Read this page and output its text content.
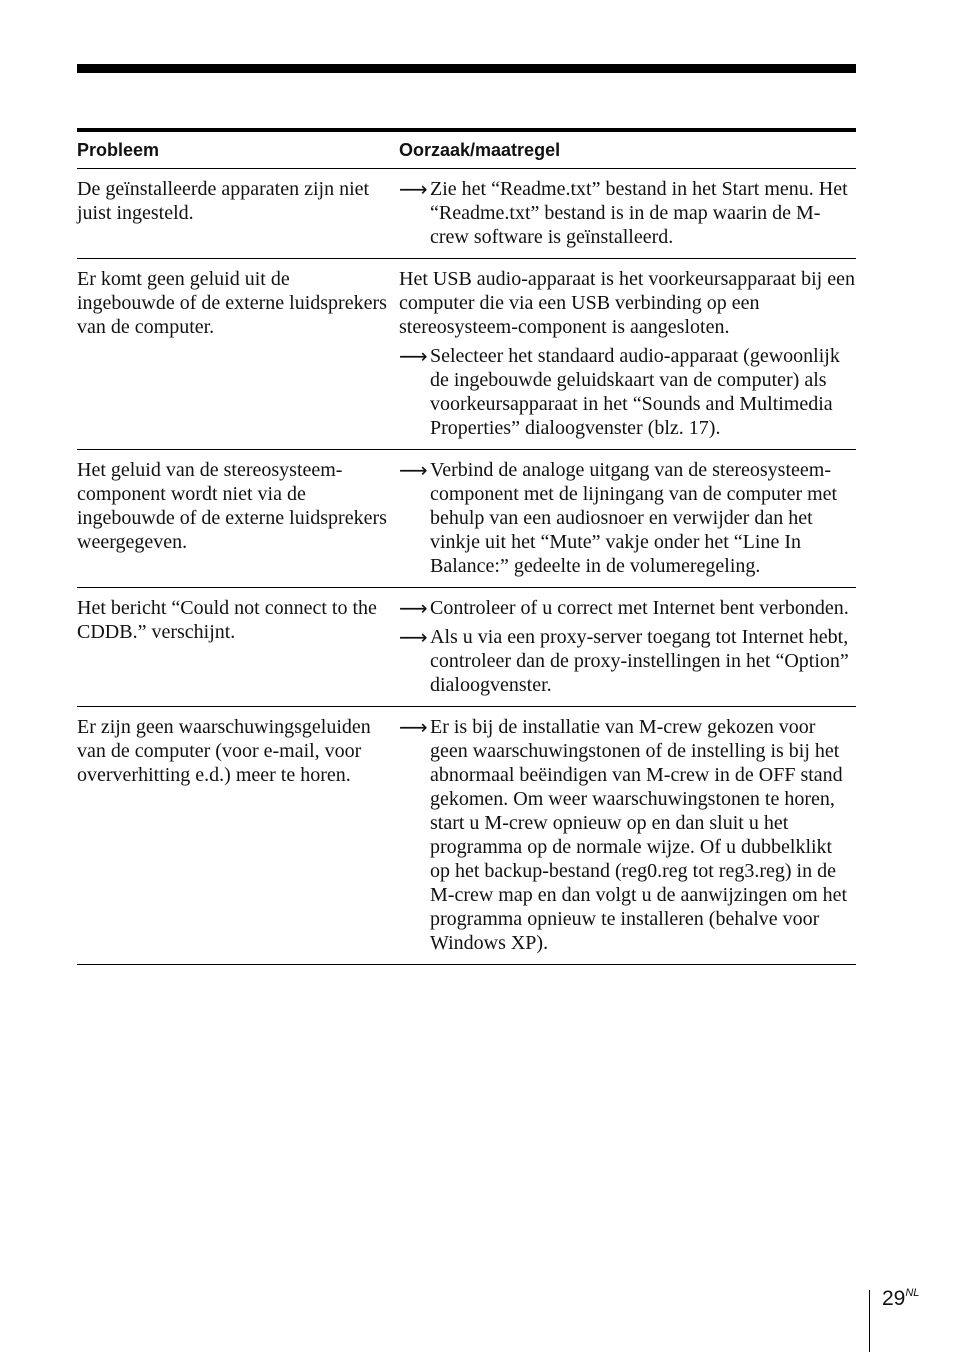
Probleem	Oorzaak/maatregel
De geïnstalleerde apparaten zijn niet juist ingesteld.
⟶ Zie het “Readme.txt” bestand in het Start menu. Het “Readme.txt” bestand is in de map waarin de M-crew software is geïnstalleerd.
Er komt geen geluid uit de ingebouwde of de externe luidsprekers van de computer.
Het USB audio-apparaat is het voorkeursapparaat bij een computer die via een USB verbinding op een stereosysteem-component is aangesloten.
⟶ Selecteer het standaard audio-apparaat (gewoonlijk de ingebouwde geluidskaart van de computer) als voorkeursapparaat in het “Sounds and Multimedia Properties” dialoogvenster (blz. 17).
Het geluid van de stereosysteem-component wordt niet via de ingebouwde of de externe luidsprekers weergegeven.
⟶ Verbind de analoge uitgang van de stereosysteem-component met de lijningang van de computer met behulp van een audiosnoer en verwijder dan het vinkje uit het “Mute” vakje onder het “Line In Balance:” gedeelte in de volumeregeling.
Het bericht “Could not connect to the CDDB.” verschijnt.
⟶ Controleer of u correct met Internet bent verbonden.
⟶ Als u via een proxy-server toegang tot Internet hebt, controleer dan de proxy-instellingen in het “Option” dialoogvenster.
Er zijn geen waarschuwingsgeluiden van de computer (voor e-mail, voor oververhitting e.d.) meer te horen.
⟶ Er is bij de installatie van M-crew gekozen voor geen waarschuwingstonen of de instelling is bij het abnormaal beëindigen van M-crew in de OFF stand gekomen. Om weer waarschuwingstonen te horen, start u M-crew opnieuw op en dan sluit u het programma op de normale wijze. Of u dubbelklikt op het backup-bestand (reg0.reg tot reg3.reg) in de M-crew map en dan volgt u de aanwijzingen om het programma opnieuw te installeren (behalve voor Windows XP).
$29^{NL}$
